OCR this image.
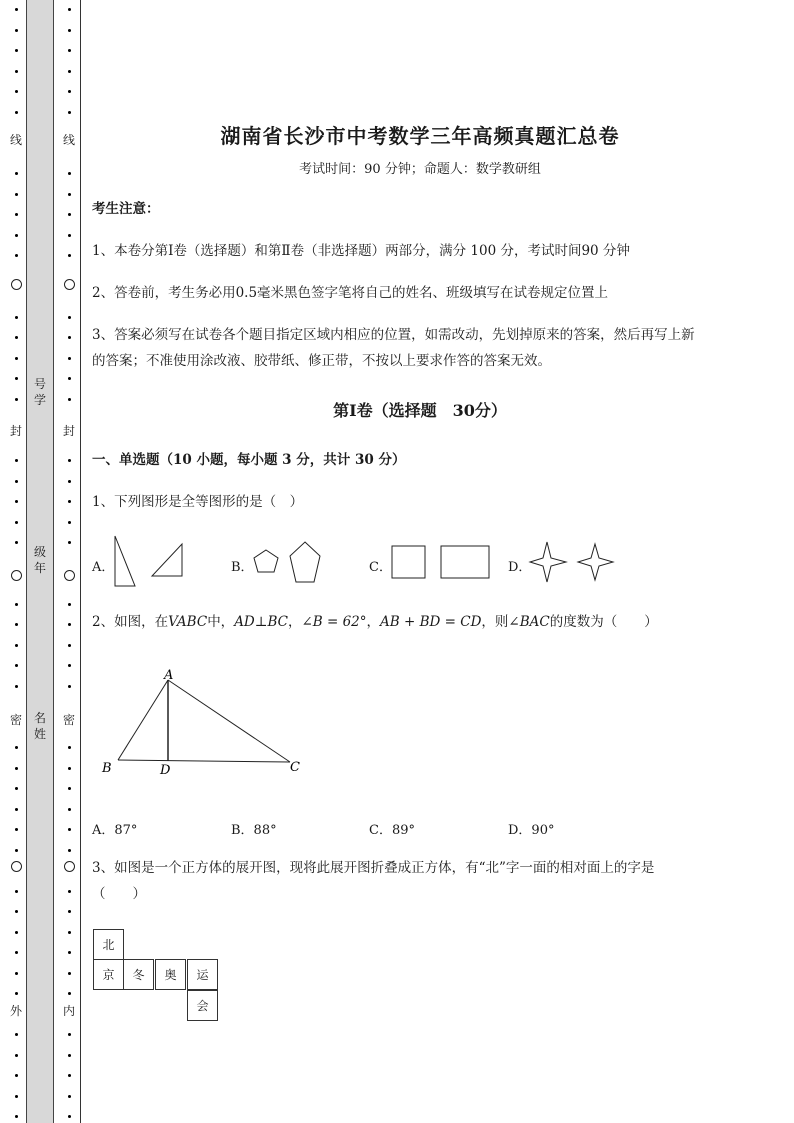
线
封
密
外
线
封
密
内
号
学
级
年
名
姓
湖南省长沙市中考数学三年高频真题汇总卷
考试时间：90 分钟；命题人：数学教研组
考生注意：
1、本卷分第Ⅰ卷（选择题）和第Ⅱ卷（非选择题）两部分，满分 100 分，考试时间90 分钟
2、答卷前，考生务必用0.5毫米黑色签字笔将自己的姓名、班级填写在试卷规定位置上
3、答案必须写在试卷各个题目指定区域内相应的位置，如需改动，先划掉原来的答案，然后再写上新
的答案；不准使用涂改液、胶带纸、修正带，不按以上要求作答的答案无效。
第Ⅰ卷（选择题　30分）
一、单选题（10 小题，每小题 3 分，共计 30 分）
1、下列图形是全等图形的是（　）
A．	B．	C．	D．
2、如图，在VABC中，AD⊥BC，∠B = 62°，AB + BD = CD，则∠BAC的度数为（　　）
A
B	D	C
A．87°	B．88°	C．89°	D．90°
3、如图是一个正方体的展开图，现将此展开图折叠成正方体，有“北”字一面的相对面上的字是
（　　）
北
京	冬	奥	运
会
